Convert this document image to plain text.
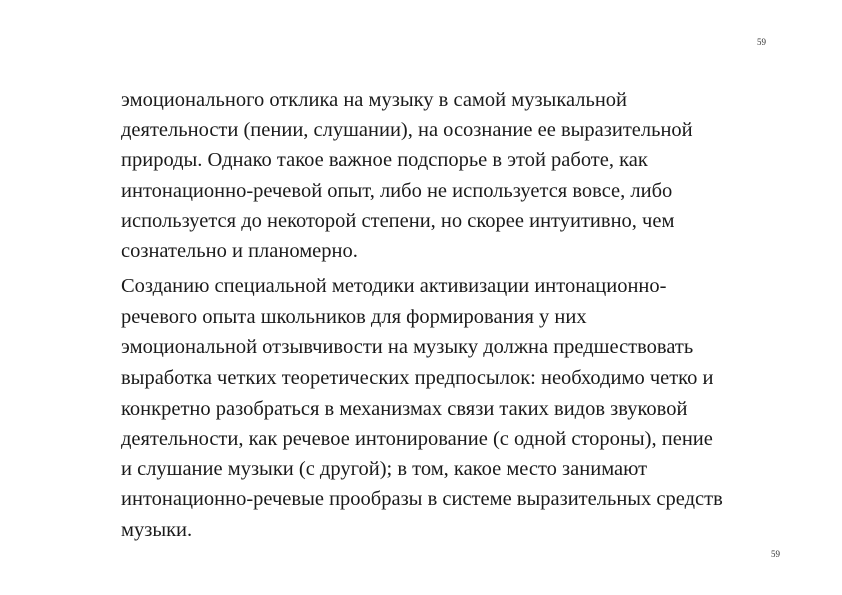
59
эмоционального отклика на музыку в самой музыкальной
деятельности (пении, слушании), на осознание ее выразительной
природы. Однако такое важное подспорье в этой работе, как
интонационно-речевой опыт, либо не используется вовсе, либо
используется до некоторой степени, но скорее интуитивно, чем
сознательно и планомерно.
Созданию специальной методики активизации интонационно-
речевого опыта школьников для формирования у них
эмоциональной отзывчивости на музыку должна предшествовать
выработка четких теоретических предпосылок: необходимо четко и
конкретно разобраться в механизмах связи таких видов звуковой
деятельности, как речевое интонирование (с одной стороны), пение
и слушание музыки (с другой); в том, какое место занимают
интонационно-речевые прообразы в системе выразительных средств
музыки.
59
